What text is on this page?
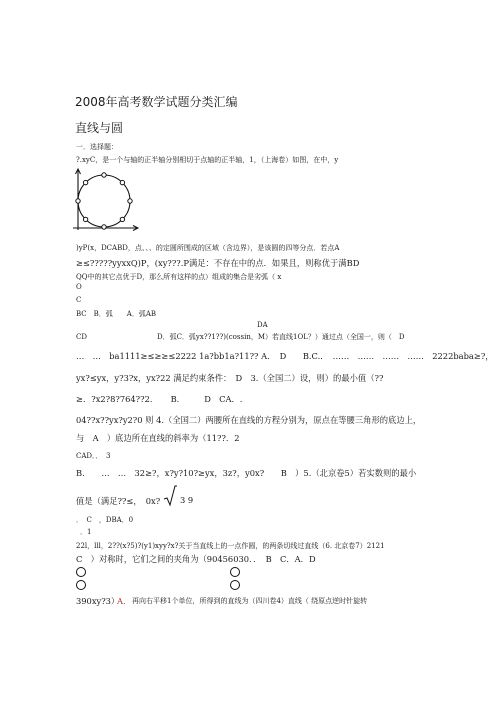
2008年高考数学试题分类汇编
直线与圆
一．选择题：
?.xyC，是一个与轴的正半轴分别相切于点轴的正半轴，1，（上海卷）如图，在中，y
)yP(x，DCABD，点、、、的定圆所围成的区域（含边界），是该圆的四等分点．若点A
≥≤?????yyxxQ)P，(xy???.P满足：不存在中的点．如果且，则称优于满BD
QQ中的其它点优于D，那么所有这样的点）组成的集合是劣弧（ x
O
C
BC　B．弧　　A．弧AB
DA
CD　　　　　　　　　　D．弧C．弧yx??1??)(cossin，M）若直线1OL？）通过点（全国一，则（　D
…　…　ba1111≥≤≥≥≤2222 1a?bb1a?11?? A．　D　　B.C.．　……　……　……　……　2222baba≥?，
yx?≤yx，y?3?x，yx?22 满足约束条件：　D　3.（全国二）设，则）的最小值（??
≥．?x2?8?764??2．　　B.　　　D　CA．.
04??x??yx?y2?0 则 4.（全国二）两腰所在直线的方程分别为，原点在等腰三角形的底边上，
与　A　）底边所在直线的斜率为（11??．2
CAD．．　3
B.　　…　…　32≥?，x?y?10?≥yx，3z?，y0x?　　B　）5.（北京卷5）若实数则的最小
值是（满足??≤，　0x? 3 9
．　C　，DBA．0
．1
22l，lll，2??(x?5)?(y1)xyy?x?关于当直线上的一点作圆，的两条切线过直线（6. 北京卷7）2121
C　）对称时，它们之间的夹角为（90456030．．　B　C．A．D
390xy?3）
A． 再向右平移1个单位，所得到的直线为（四川卷4）直线（ 绕原点逆时针旋转
